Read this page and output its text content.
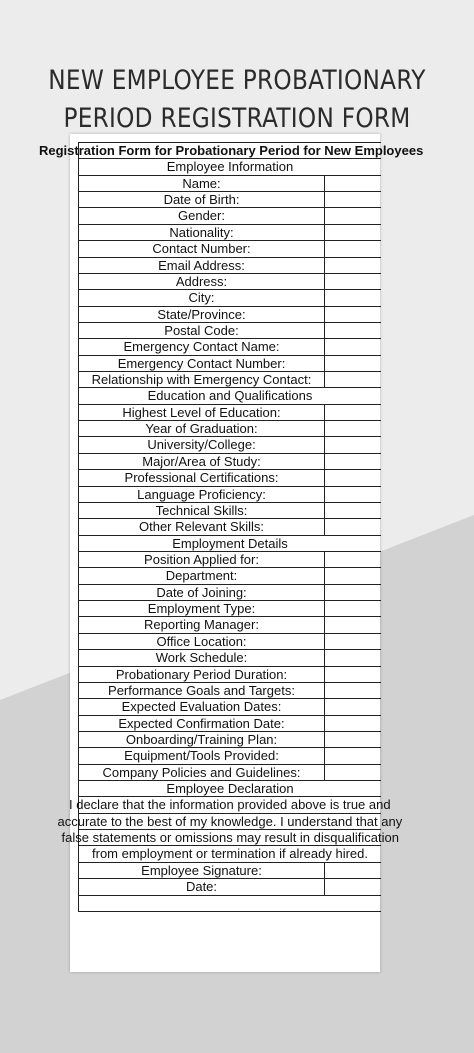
NEW EMPLOYEE PROBATIONARY
PERIOD REGISTRATION FORM
Registration Form for Probationary Period for New Employees
Employee Information
Name:
Date of Birth:
Gender:
Nationality:
Contact Number:
Email Address:
Address:
City:
State/Province:
Postal Code:
Emergency Contact Name:
Emergency Contact Number:
Relationship with Emergency Contact:
Education and Qualifications
Highest Level of Education:
Year of Graduation:
University/College:
Major/Area of Study:
Professional Certifications:
Language Proficiency:
Technical Skills:
Other Relevant Skills:
Employment Details
Position Applied for:
Department:
Date of Joining:
Employment Type:
Reporting Manager:
Office Location:
Work Schedule:
Probationary Period Duration:
Performance Goals and Targets:
Expected Evaluation Dates:
Expected Confirmation Date:
Onboarding/Training Plan:
Equipment/Tools Provided:
Company Policies and Guidelines:
Employee Declaration
I declare that the information provided above is true and
accurate to the best of my knowledge. I understand that any
false statements or omissions may result in disqualification
from employment or termination if already hired.
Employee Signature:
Date:
